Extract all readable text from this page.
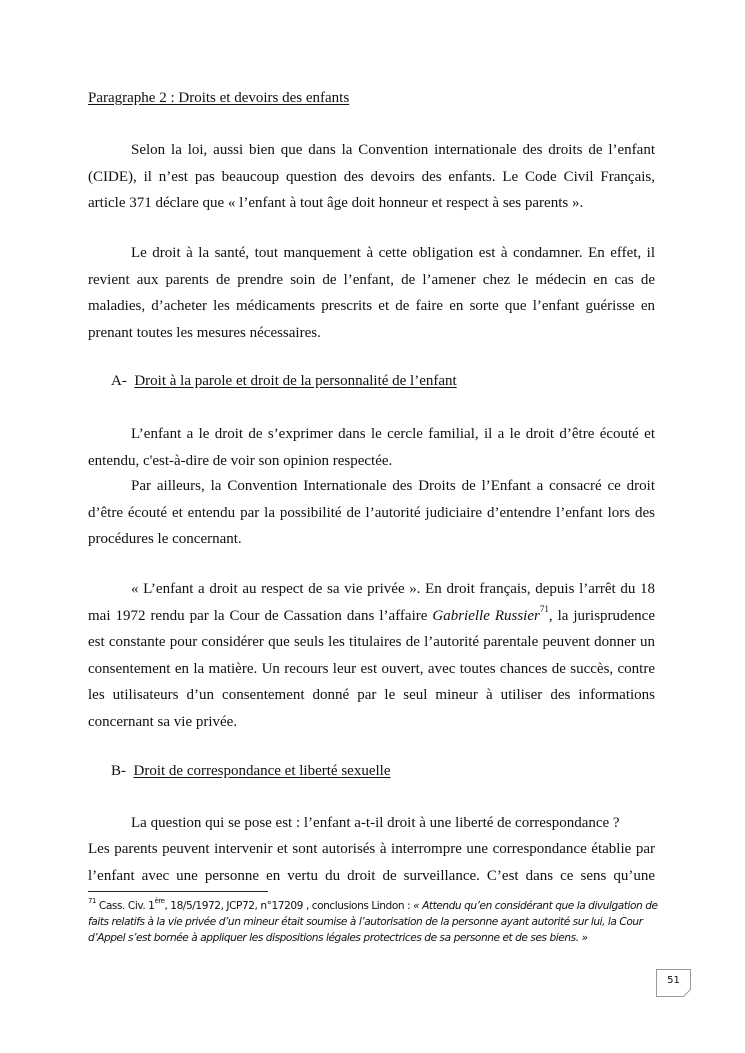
Paragraphe 2 : Droits et devoirs des enfants

Selon la loi, aussi bien que dans la Convention internationale des droits de l’enfant (CIDE), il n’est pas beaucoup question des devoirs des enfants. Le Code Civil Français, article 371 déclare que « l’enfant à tout âge doit honneur et respect à ses parents ».

Le droit à la santé, tout manquement à cette obligation est à condamner. En effet, il revient aux parents de prendre soin de l’enfant, de l’amener chez le médecin en cas de maladies, d’acheter les médicaments prescrits et de faire en sorte que l’enfant guérisse en prenant toutes les mesures nécessaires.

A- Droit à la parole et droit de la personnalité de l’enfant

L’enfant a le droit de s’exprimer dans le cercle familial, il a le droit d’être écouté et entendu, c'est-à-dire de voir son opinion respectée.

Par ailleurs, la Convention Internationale des Droits de l’Enfant a consacré ce droit d’être écouté et entendu par la possibilité de l’autorité judiciaire d’entendre l’enfant lors des procédures le concernant.

« L’enfant a droit au respect de sa vie privée ». En droit français, depuis l’arrêt du 18 mai 1972 rendu par la Cour de Cassation dans l’affaire Gabrielle Russier$^{71}$, la jurisprudence est constante pour considérer que seuls les titulaires de l’autorité parentale peuvent donner un consentement en la matière. Un recours leur est ouvert, avec toutes chances de succès, contre les utilisateurs d’un consentement donné par le seul mineur à utiliser des informations concernant sa vie privée.

B- Droit de correspondance et liberté sexuelle

La question qui se pose est : l’enfant a-t-il droit à une liberté de correspondance ?

Les parents peuvent intervenir et sont autorisés à interrompre une correspondance établie par l’enfant avec une personne en vertu du droit de surveillance. C’est dans ce sens qu’une

$^{71}$ Cass. Civ. 1ère, 18/5/1972, JCP72, n°17209 , conclusions Lindon : « Attendu qu’en considérant que la divulgation de faits relatifs à la vie privée d’un mineur était soumise à l’autorisation de la personne ayant autorité sur lui, la Cour d’Appel s’est bornée à appliquer les dispositions légales protectrices de sa personne et de ses biens. »
51
